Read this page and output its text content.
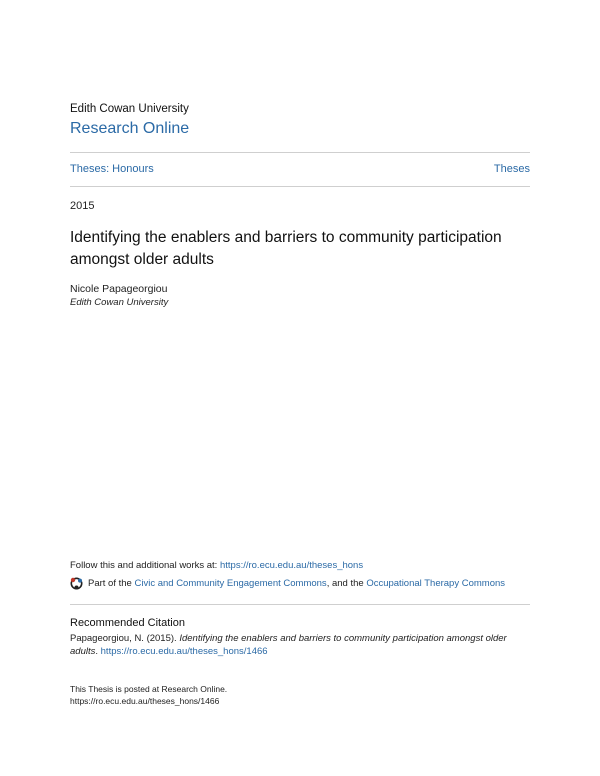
Edith Cowan University
Research Online
Theses: Honours	Theses
2015
Identifying the enablers and barriers to community participation amongst older adults
Nicole Papageorgiou
Edith Cowan University
Follow this and additional works at: https://ro.ecu.edu.au/theses_hons
Part of the
Civic and Community Engagement Commons , and the
Occupational Therapy Commons
Recommended Citation
Papageorgiou, N. (2015). Identifying the enablers and barriers to community participation amongst older adults. https://ro.ecu.edu.au/theses_hons/1466
This Thesis is posted at Research Online.
https://ro.ecu.edu.au/theses_hons/1466
